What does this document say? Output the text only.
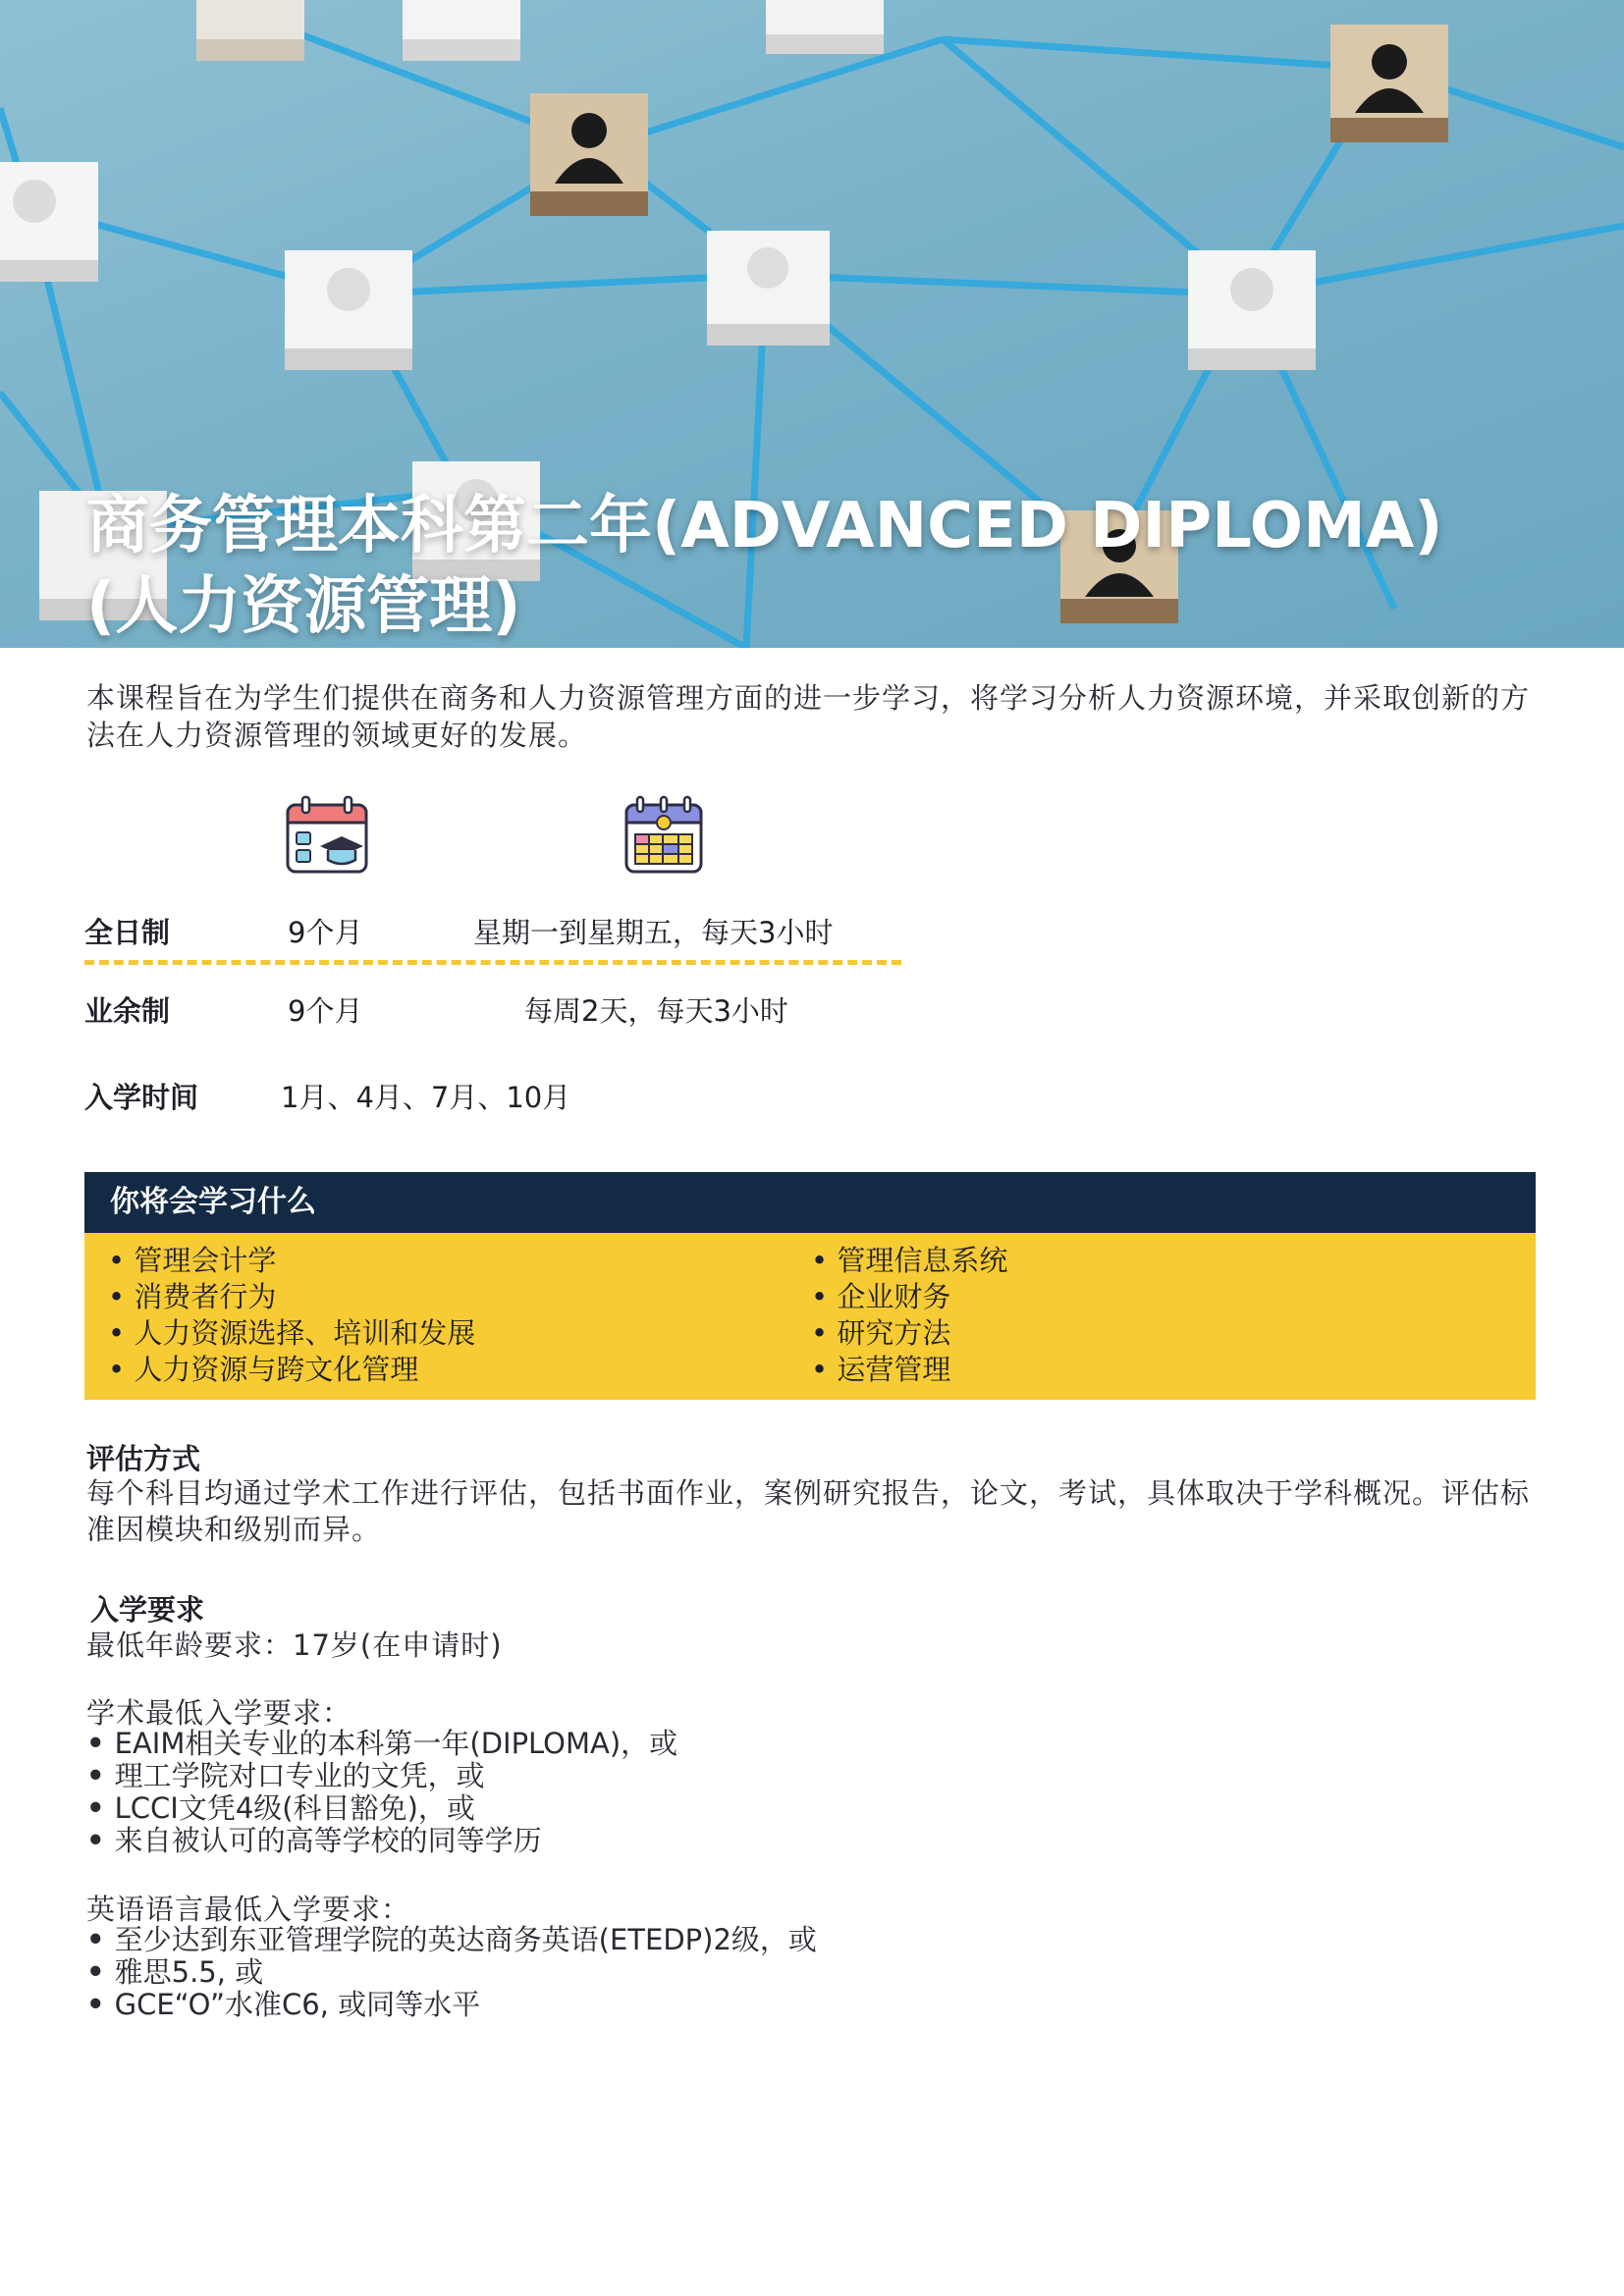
商务管理本科第二年(ADVANCED DIPLOMA)
(人力资源管理)
本课程旨在为学生们提供在商务和人力资源管理方面的进一步学习，将学习分析人力资源环境，并采取创新的方法在人力资源管理的领域更好的发展。
全日制	9个月	星期一到星期五，每天3小时
业余制	9个月	每周2天，每天3小时
入学时间	1月、4月、7月、10月
你将会学习什么
• 管理会计学
• 消费者行为
• 人力资源选择、培训和发展
• 人力资源与跨文化管理
• 管理信息系统
• 企业财务
• 研究方法
• 运营管理
评估方式
每个科目均通过学术工作进行评估，包括书面作业，案例研究报告，论文，考试，具体取决于学科概况。评估标准因模块和级别而异。
入学要求
最低年龄要求：17岁(在申请时)
学术最低入学要求：
• EAIM相关专业的本科第一年(DIPLOMA)，或
• 理工学院对口专业的文凭，或
• LCCI文凭4级(科目豁免)，或
• 来自被认可的高等学校的同等学历
英语语言最低入学要求：
• 至少达到东亚管理学院的英达商务英语(ETEDP)2级，或
• 雅思5.5, 或
• GCE“O”水准C6, 或同等水平
